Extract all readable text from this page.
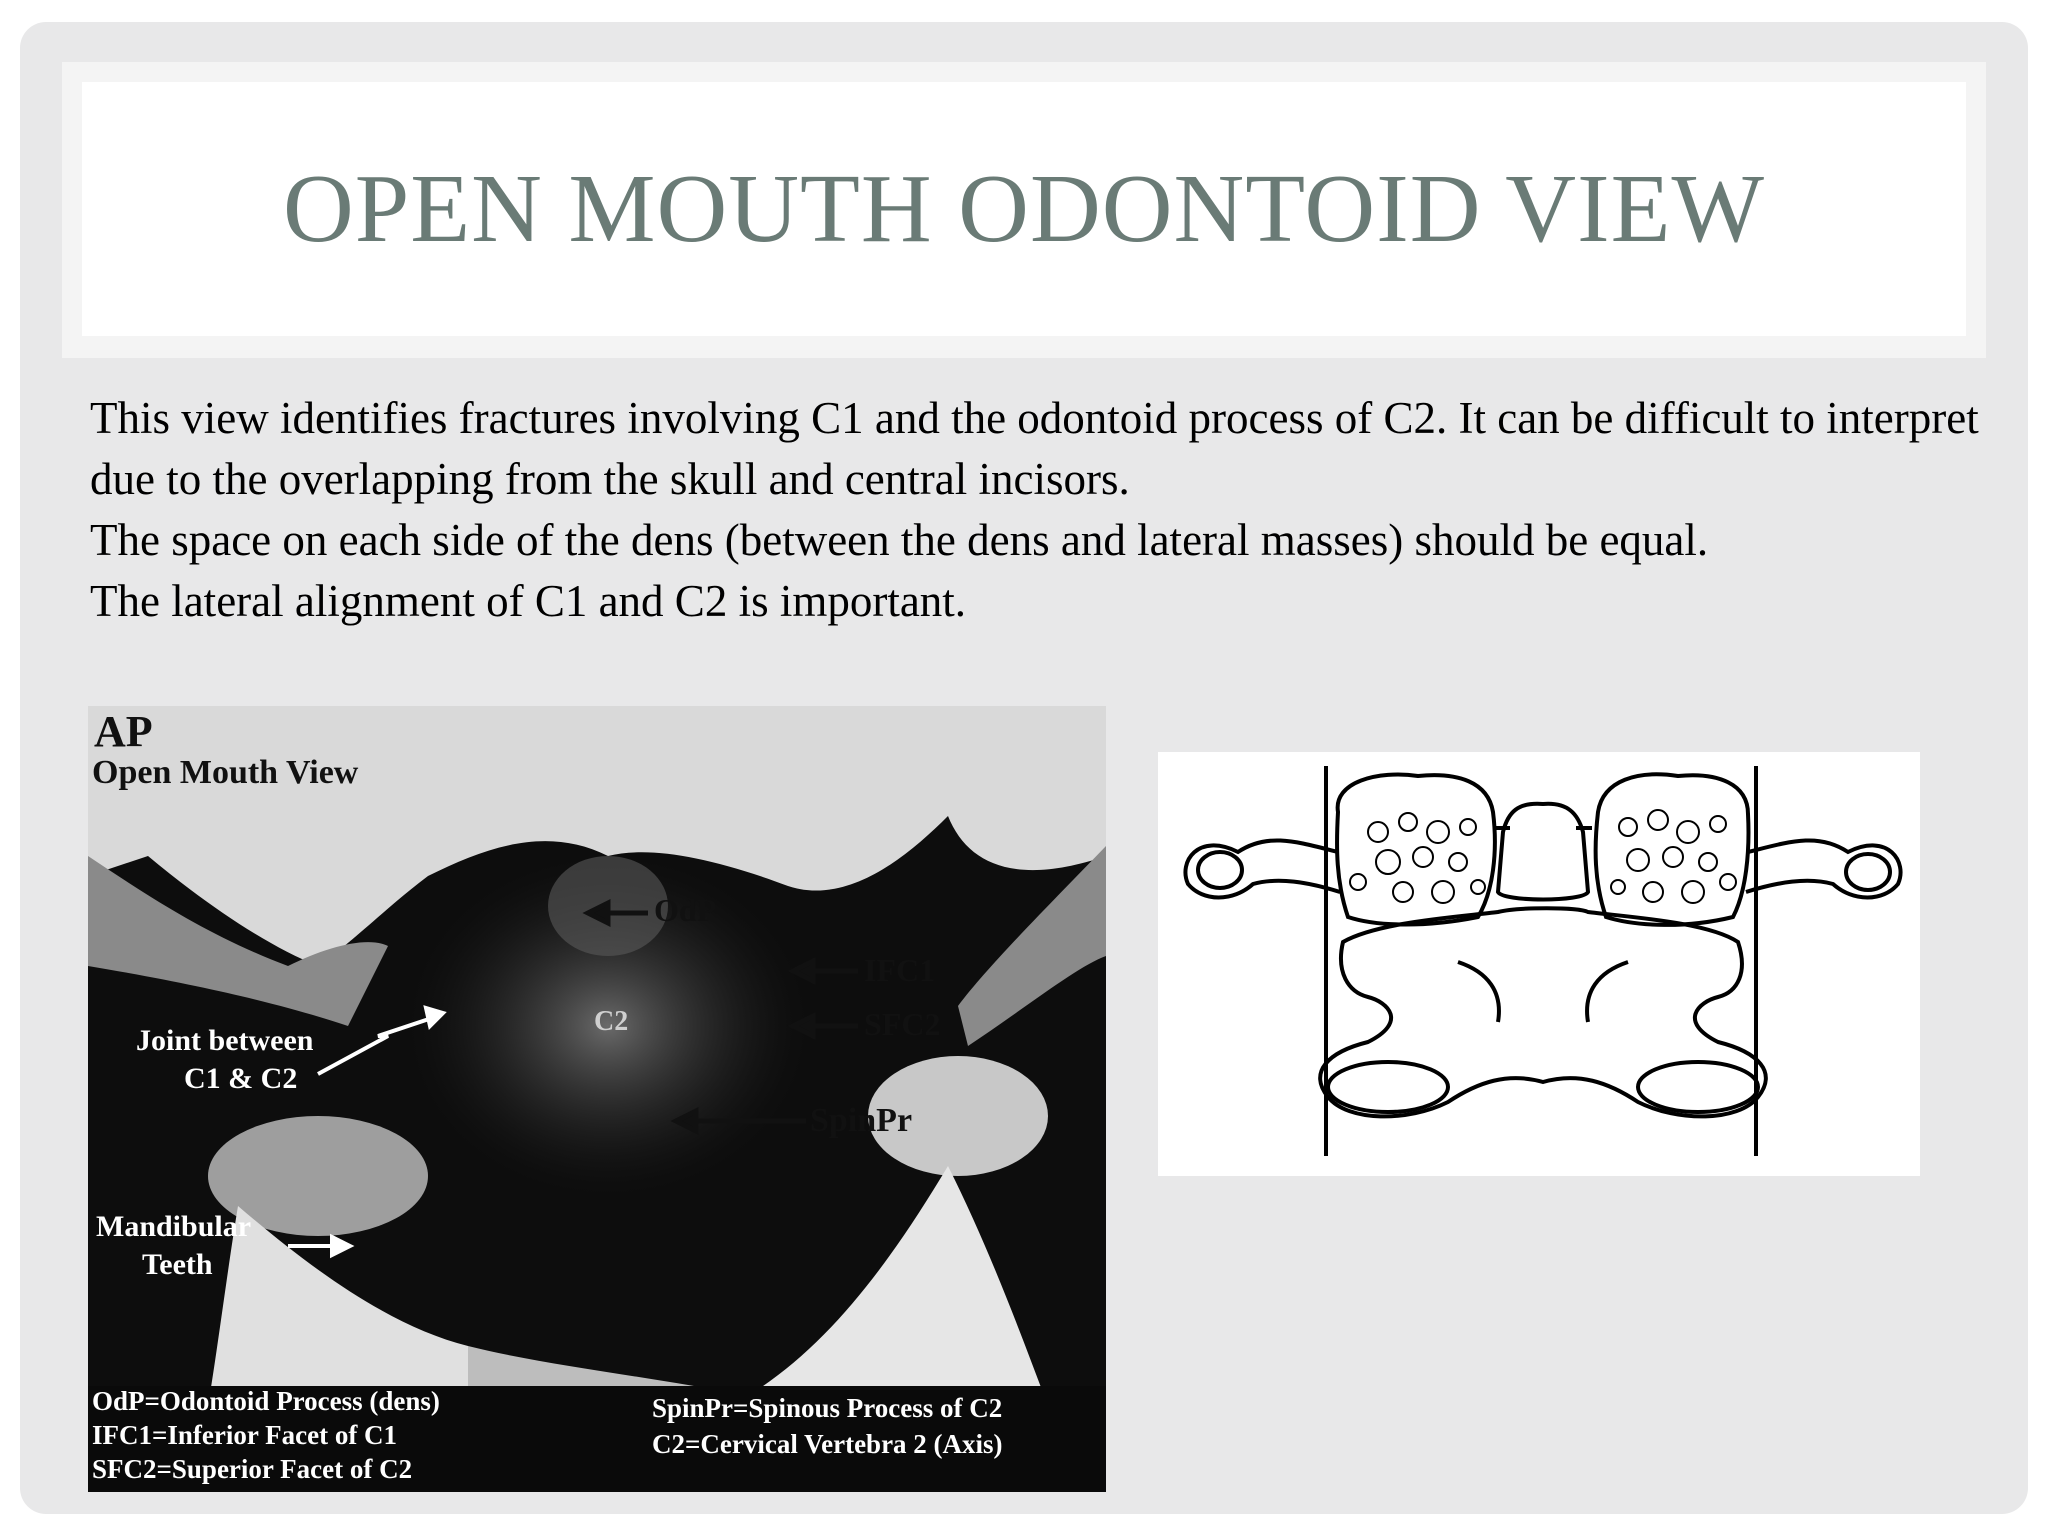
OPEN MOUTH ODONTOID VIEW

This view identifies fractures involving C1 and the odontoid process of C2. It can be difficult to interpret due to the overlapping from the skull and central incisors.

The space on each side of the dens (between the dens and lateral masses) should be equal.

The lateral alignment of C1 and C2 is important.

AP
Open Mouth View
OdP
IFC1
SFC2
C2
SpinPr
Joint between
C1 & C2
Mandibular
Teeth
OdP=Odontoid Process (dens)
IFC1=Inferior Facet of C1
SFC2=Superior Facet of C2
SpinPr=Spinous Process of C2
C2=Cervical Vertebra 2 (Axis)
